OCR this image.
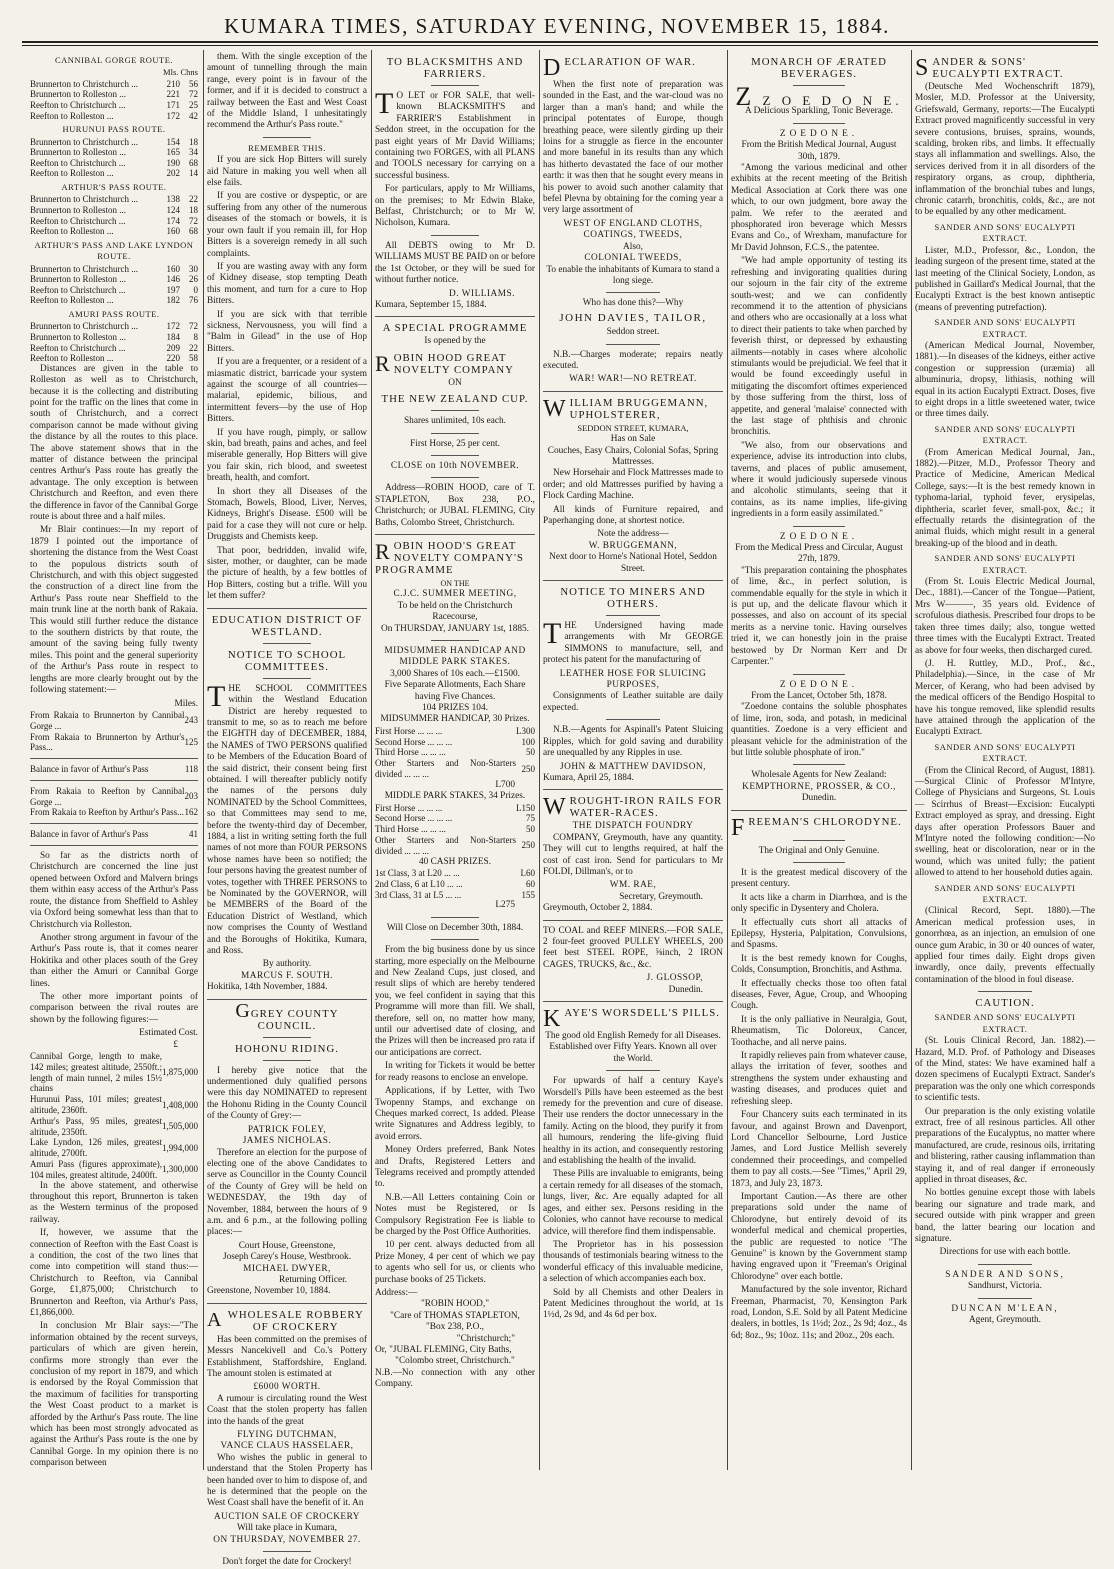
KUMARA TIMES, SATURDAY EVENING, NOVEMBER 15, 1884.
CANNIBAL GORGE ROUTE.
Mls. Chns
Brunnerton to Christchurch ...	210	56
Brunnerton to Rolleston ...	221	72
Reefton to Christchurch ...	171	25
Reefton to Rolleston ...	172	42
HURUNUI PASS ROUTE.
Brunnerton to Christchurch ...	154	18
Brunnerton to Rolleston ...	165	34
Reefton to Christchurch ...	190	68
Reefton to Rolleston ...	202	14
ARTHUR'S PASS ROUTE.
Brunnerton to Christchurch ...	138	22
Brunnerton to Rolleston ...	124	18
Reefton to Christchurch ...	174	72
Reefton to Rolleston ...	160	68
ARTHUR'S PASS AND LAKE LYNDON ROUTE.
Brunnerton to Christchurch ...	160	30
Brunnerton to Rolleston ...	146	26
Reefton to Christchurch ...	197	0
Reefton to Rolleston ...	182	76
AMURI PASS ROUTE.
Brunnerton to Christchurch ...	172	72
Brunnerton to Rolleston ...	184	8
Reefton to Christchurch ...	209	22
Reefton to Rolleston ...	220	58

Distances are given in the table to Rolleston as well as to Christchurch, because it is the collecting and distributing point for the traffic on the lines that come in south of Christchurch, and a correct comparison cannot be made without giving the distance by all the routes to this place. The above statement shows that in the matter of distance between the principal centres Arthur's Pass route has greatly the advantage. The only exception is between Christchurch and Reefton, and even there the difference in favor of the Cannibal Gorge route is about three and a half miles.

Mr Blair continues:—In my report of 1879 I pointed out the importance of shortening the distance from the West Coast to the populous districts south of Christchurch, and with this object suggested the construction of a direct line from the Arthur's Pass route near Sheffield to the main trunk line at the north bank of Rakaia. This would still further reduce the distance to the southern districts by that route, the amount of the saving being fully twenty miles. This point and the general superiority of the Arthur's Pass route in respect to lengths are more clearly brought out by the following statement:—

Miles.
From Rakaia to Brunnerton by Cannibal Gorge ...	243
From Rakaia to Brunnerton by Arthur's Pass...	125
Balance in favor of Arthur's Pass	118
From Rakaia to Reefton by Cannibal Gorge ...	203
From Rakaia to Reefton by Arthur's Pass...	162
Balance in favor of Arthur's Pass	41

So far as the districts north of Christchurch are concerned the line just opened between Oxford and Malvern brings them within easy access of the Arthur's Pass route, the distance from Sheffield to Ashley via Oxford being somewhat less than that to Christchurch via Rolleston.

Another strong argument in favour of the Arthur's Pass route is, that it comes nearer Hokitika and other places south of the Grey than either the Amuri or Cannibal Gorge lines.

The other more important points of comparison between the rival routes are shown by the following figures:—

Estimated Cost.
£
Cannibal Gorge, length to make, 142 miles; greatest altitude, 2550ft.; length of main tunnel, 2 miles 15½ chains	1,875,000
Hurunui Pass, 101 miles; greatest altitude, 2360ft.	1,408,000
Arthur's Pass, 95 miles, greatest altitude, 2350ft.	1,505,000
Lake Lyndon, 126 miles, greatest altitude, 2700ft.	1,994,000
Amuri Pass (figures approximate), 104 miles, greatest altitude, 2400ft.	1,300,000

In the above statement, and otherwise throughout this report, Brunnerton is taken as the Western terminus of the proposed railway.

If, however, we assume that the connection of Reefton with the East Coast is a condition, the cost of the two lines that come into competition will stand thus:—Christchurch to Reefton, via Cannibal Gorge, £1,875,000; Christchurch to Brunnerton and Reefton, via Arthur's Pass, £1,866,000.

In conclusion Mr Blair says:—"The information obtained by the recent surveys, particulars of which are given herein, confirms more strongly than ever the conclusion of my report in 1879, and which is endorsed by the Royal Commission that the maximum of facilities for transporting the West Coast product to a market is afforded by the Arthur's Pass route. The line which has been most strongly advocated as against the Arthur's Pass route is the one by Cannibal Gorge. In my opinion there is no comparison between

them. With the single exception of the amount of tunnelling through the main range, every point is in favour of the former, and if it is decided to construct a railway between the East and West Coast of the Middle Island, I unhesitatingly recommend the Arthur's Pass route."

REMEMBER THIS.

If you are sick Hop Bitters will surely aid Nature in making you well when all else fails.

If you are costive or dyspeptic, or are suffering from any other of the numerous diseases of the stomach or bowels, it is your own fault if you remain ill, for Hop Bitters is a sovereign remedy in all such complaints.

If you are wasting away with any form of Kidney disease, stop tempting Death this moment, and turn for a cure to Hop Bitters.

If you are sick with that terrible sickness, Nervousness, you will find a "Balm in Gilead" in the use of Hop Bitters.

If you are a frequenter, or a resident of a miasmatic district, barricade your system against the scourge of all countries—malarial, epidemic, bilious, and intermittent fevers—by the use of Hop Bitters.

If you have rough, pimply, or sallow skin, bad breath, pains and aches, and feel miserable generally, Hop Bitters will give you fair skin, rich blood, and sweetest breath, health, and comfort.

In short they all Diseases of the Stomach, Bowels, Blood, Liver, Nerves, Kidneys, Bright's Disease. £500 will be paid for a case they will not cure or help. Druggists and Chemists keep.

That poor, bedridden, invalid wife, sister, mother, or daughter, can be made the picture of health, by a few bottles of Hop Bitters, costing but a trifle. Will you let them suffer?

EDUCATION DISTRICT OF WESTLAND.
NOTICE TO SCHOOL COMMITTEES.

THE SCHOOL COMMITTEES within the Westland Education District are hereby requested to transmit to me, so as to reach me before the EIGHTH day of DECEMBER, 1884, the NAMES of TWO PERSONS qualified to be Members of the Education Board of the said district, their consent being first obtained. I will thereafter publicly notify the names of the persons duly NOMINATED by the School Committees, so that Committees may send to me, before the twenty-third day of December, 1884, a list in writing setting forth the full names of not more than FOUR PERSONS whose names have been so notified; the four persons having the greatest number of votes, together with THREE PERSONS to be Nominated by the GOVERNOR, will be MEMBERS of the Board of the Education District of Westland, which now comprises the County of Westland and the Boroughs of Hokitika, Kumara, and Ross.

By authority.
MARCUS F. SOUTH.
Hokitika, 14th November, 1884.
GGREY COUNTY COUNCIL.
HOHONU RIDING.

I hereby give notice that the undermentioned duly qualified persons were this day NOMINATED to represent the Hohonu Riding in the County Council of the County of Grey:—

PATRICK FOLEY,
JAMES NICHOLAS.

Therefore an election for the purpose of electing one of the above Candidates to serve as Councillor in the County Council of the County of Grey will be held on WEDNESDAY, the 19th day of November, 1884, between the hours of 9 a.m. and 6 p.m., at the following polling places:—

Court House, Greenstone,
Joseph Carey's House, Westbrook.
MICHAEL DWYER,
Returning Officer.
Greenstone, November 10, 1884.
AWHOLESALE ROBBERY OF CROCKERY

Has been committed on the premises of Messrs Nancekivell and Co.'s Pottery Establishment, Staffordshire, England. The amount stolen is estimated at

£6000 WORTH.

A rumour is circulating round the West Coast that the stolen property has fallen into the hands of the great

FLYING DUTCHMAN,
VANCE CLAUS HASSELAER,

Who wishes the public in general to understand that the Stolen Property has been handed over to him to dispose of, and he is determined that the people on the West Coast shall have the benefit of it. An

AUCTION SALE OF CROCKERY
Will take place in Kumara,
ON THURSDAY, NOVEMBER 27.
Don't forget the date for Crockery!
TO BLACKSMITHS AND FARRIERS.

T O LET or FOR SALE, that well-known BLACKSMITH'S and FARRIER'S Establishment in Seddon street, in the occupation for the past eight years of Mr David Williams; containing two FORGES, with all PLANS and TOOLS necessary for carrying on a successful business.

For particulars, apply to Mr Williams, on the premises; to Mr Edwin Blake, Belfast, Christchurch; or to Mr W. Nicholson, Kumara.

All DEBTS owing to Mr D. WILLIAMS MUST BE PAID on or before the 1st October, or they will be sued for without further notice.

D. WILLIAMS.
Kumara, September 15, 1884.
A SPECIAL PROGRAMME
Is opened by the
ROBIN HOOD GREAT NOVELTY COMPANY
ON
THE NEW ZEALAND CUP.
Shares unlimited, 10s each.
First Horse, 25 per cent.
CLOSE on 10th NOVEMBER.

Address—ROBIN HOOD, care of T. STAPLETON, Box 238, P.O., Christchurch; or JUBAL FLEMING, City Baths, Colombo Street, Christchurch.

ROBIN HOOD'S GREAT NOVELTY COMPANY'S PROGRAMME
ON THE
C.J.C. SUMMER MEETING,
To be held on the Christchurch Racecourse,
On THURSDAY, JANUARY 1st, 1885.
MIDSUMMER HANDICAP AND MIDDLE PARK STAKES.
3,000 Shares of 10s each.—£1500.
Five Separate Allotments, Each Share having Five Chances.
104 PRIZES 104.
MIDSUMMER HANDICAP, 30 Prizes.
First Horse ... ... ...	L300
Second Horse ... ... ...	100
Third Horse ... ... ...	50
Other Starters and Non-Starters divided ... ... ...	250
L700
MIDDLE PARK STAKES, 34 Prizes.
First Horse ... ... ...	L150
Second Horse ... ... ...	75
Third Horse ... ... ...	50
Other Starters and Non-Starters divided ... ... ...	250
40 CASH PRIZES.
1st Class, 3 at L20 ... ...	L60
2nd Class, 6 at L10 ... ...	60
3rd Class, 31 at L5 ... ...	155
L275
Will Close on December 30th, 1884.

From the big business done by us since starting, more especially on the Melbourne and New Zealand Cups, just closed, and result slips of which are hereby tendered you, we feel confident in saying that this Programme will more than fill. We shall, therefore, sell on, no matter how many, until our advertised date of closing, and the Prizes will then be increased pro rata if our anticipations are correct.

In writing for Tickets it would be better for ready reasons to enclose an envelope.

Applications, if by Letter, with Two Twopenny Stamps, and exchange on Cheques marked correct, 1s added. Please write Signatures and Address legibly, to avoid errors.

Money Orders preferred, Bank Notes and Drafts, Registered Letters and Telegrams received and promptly attended to.

N.B.—All Letters containing Coin or Notes must be Registered, or Is Compulsory Registration Fee is liable to be charged by the Post Office Authorities.

10 per cent. always deducted from all Prize Money, 4 per cent of which we pay to agents who sell for us, or clients who purchase books of 25 Tickets.

Address:—
"ROBIN HOOD,"
"Care of THOMAS STAPLETON,
"Box 238, P.O.,
"Christchurch;"
Or, "JUBAL FLEMING, City Baths,
"Colombo street, Christchurch."
N.B.—No connection with any other Company.
DECLARATION OF WAR.

When the first note of preparation was sounded in the East, and the war-cloud was no larger than a man's hand; and while the principal potentates of Europe, though breathing peace, were silently girding up their loins for a struggle as fierce in the encounter and more baneful in its results than any which has hitherto devastated the face of our mother earth: it was then that he sought every means in his power to avoid such another calamity that befel Plevna by obtaining for the coming year a very large assortment of

WEST OF ENGLAND CLOTHS, COATINGS, TWEEDS,
Also,
COLONIAL TWEEDS,
To enable the inhabitants of Kumara to stand a long siege.
Who has done this?—Why
JOHN DAVIES, TAILOR,
Seddon street.

N.B.—Charges moderate; repairs neatly executed.

WAR! WAR!—NO RETREAT.
WILLIAM BRUGGEMANN, UPHOLSTERER,
SEDDON STREET, KUMARA,
Has on Sale
Couches, Easy Chairs, Colonial Sofas, Spring Mattresses.

New Horsehair and Flock Mattresses made to order; and old Mattresses purified by having a Flock Carding Machine.

All kinds of Furniture repaired, and Paperhanging done, at shortest notice.

Note the address—
W. BRUGGEMANN,
Next door to Horne's National Hotel, Seddon Street.
NOTICE TO MINERS AND OTHERS.

THE Undersigned having made arrangements with Mr GEORGE SIMMONS to manufacture, sell, and protect his patent for the manufacturing of

LEATHER HOSE FOR SLUICING PURPOSES,

Consignments of Leather suitable are daily expected.

N.B.—Agents for Aspinall's Patent Sluicing Ripples, which for gold saving and durability are unequalled by any Ripples in use.

JOHN & MATTHEW DAVIDSON,
Kumara, April 25, 1884.
WROUGHT-IRON RAILS FOR WATER-RACES.
THE DISPATCH FOUNDRY

COMPANY, Greymouth, have any quantity. They will cut to lengths required, at half the cost of cast iron. Send for particulars to Mr FOLDI, Dillman's, or to

WM. RAE,
Secretary, Greymouth.
Greymouth, October 2, 1884.

TO COAL and REEF MINERS.—FOR SALE, 2 four-feet grooved PULLEY WHEELS, 200 feet best STEEL ROPE, ⅝inch, 2 IRON CAGES, TRUCKS, &c., &c.

J. GLOSSOP,
Dunedin.
KAYE'S WORSDELL'S PILLS.
The good old English Remedy for all Diseases.
Established over Fifty Years. Known all over the World.

For upwards of half a century Kaye's Worsdell's Pills have been esteemed as the best remedy for the prevention and cure of disease. Their use renders the doctor unnecessary in the family. Acting on the blood, they purify it from all humours, rendering the life-giving fluid healthy in its action, and consequently restoring and establishing the health of the invalid.

These Pills are invaluable to emigrants, being a certain remedy for all diseases of the stomach, lungs, liver, &c. Are equally adapted for all ages, and either sex. Persons residing in the Colonies, who cannot have recourse to medical advice, will therefore find them indispensable.

The Proprietor has in his possession thousands of testimonials bearing witness to the wonderful efficacy of this invaluable medicine, a selection of which accompanies each box.

Sold by all Chemists and other Dealers in Patent Medicines throughout the world, at 1s 1½d, 2s 9d, and 4s 6d per box.

MONARCH OF ÆRATED BEVERAGES.
Z Z O E D O N E.
A Delicious Sparkling, Tonic Beverage.
ZOEDONE.
From the British Medical Journal, August 30th, 1879.

"Among the various medicinal and other exhibits at the recent meeting of the British Medical Association at Cork there was one which, to our own judgment, bore away the palm. We refer to the æerated and phosphorated iron beverage which Messrs Evans and Co., of Wrexham, manufacture for Mr David Johnson, F.C.S., the patentee.

"We had ample opportunity of testing its refreshing and invigorating qualities during our sojourn in the fair city of the extreme south-west; and we can confidently recommend it to the attention of physicians and others who are occasionally at a loss what to direct their patients to take when parched by feverish thirst, or depressed by exhausting ailments—notably in cases where alcoholic stimulants would be prejudicial. We feel that it would be found exceedingly useful in mitigating the discomfort oftimes experienced by those suffering from the thirst, loss of appetite, and general 'malaise' connected with the last stage of phthisis and chronic bronchitis.

"We also, from our observations and experience, advise its introduction into clubs, taverns, and places of public amusement, where it would judiciously supersede vinous and alcoholic stimulants, seeing that it contains, as its name implies, life-giving ingredients in a form easily assimilated."

ZOEDONE.
From the Medical Press and Circular, August 27th, 1879.

"This preparation containing the phosphates of lime, &c., in perfect solution, is commendable equally for the style in which it is put up, and the delicate flavour which it possesses, and also on account of its special merits as a nervine tonic. Having ourselves tried it, we can honestly join in the praise bestowed by Dr Norman Kerr and Dr Carpenter."

ZOEDONE.
From the Lancet, October 5th, 1878.

"Zoedone contains the soluble phosphates of lime, iron, soda, and potash, in medicinal quantities. Zoedone is a very efficient and pleasant vehicle for the administration of the but little soluble phosphate of iron."

Wholesale Agents for New Zealand:
KEMPTHORNE, PROSSER, & CO.,
Dunedin.
FREEMAN'S CHLORODYNE.
The Original and Only Genuine.

It is the greatest medical discovery of the present century.

It acts like a charm in Diarrhœa, and is the only specific in Dysentery and Cholera.

It effectually cuts short all attacks of Epilepsy, Hysteria, Palpitation, Convulsions, and Spasms.

It is the best remedy known for Coughs, Colds, Consumption, Bronchitis, and Asthma.

It effectually checks those too often fatal diseases, Fever, Ague, Croup, and Whooping Cough.

It is the only palliative in Neuralgia, Gout, Rheumatism, Tic Doloreux, Cancer, Toothache, and all nerve pains.

It rapidly relieves pain from whatever cause, allays the irritation of fever, soothes and strengthens the system under exhausting and wasting diseases, and produces quiet and refreshing sleep.

Four Chancery suits each terminated in its favour, and against Brown and Davenport, Lord Chancellor Selbourne, Lord Justice James, and Lord Justice Mellish severely condemned their proceedings, and compelled them to pay all costs.—See "Times," April 29, 1873, and July 23, 1873.

Important Caution.—As there are other preparations sold under the name of Chlorodyne, but entirely devoid of its wonderful medical and chemical properties, the public are requested to notice "The Genuine" is known by the Government stamp having engraved upon it "Freeman's Original Chlorodyne" over each bottle.

Manufactured by the sole inventor, Richard Freeman, Pharmacist, 70, Kensington Park road, London, S.E. Sold by all Patent Medicine dealers, in bottles, 1s 1½d; 2oz., 2s 9d; 4oz., 4s 6d; 8oz., 9s; 10oz. 11s; and 20oz., 20s each.

SANDER & SONS' EUCALYPTI EXTRACT.

(Deutsche Med Wochenschrift 1879), Mosler, M.D. Professor at the University, Griefswald, Germany, reports:—The Eucalypti Extract proved magnificently successful in very severe contusions, bruises, sprains, wounds, scalding, broken ribs, and limbs. It effectually stays all inflammation and swellings. Also, the services derived from it in all disorders of the respiratory organs, as croup, diphtheria, inflammation of the bronchial tubes and lungs, chronic catarrh, bronchitis, colds, &c., are not to be equalled by any other medicament.

SANDER AND SONS' EUCALYPTI EXTRACT.

Lister, M.D., Professor, &c., London, the leading surgeon of the present time, stated at the last meeting of the Clinical Society, London, as published in Gaillard's Medical Journal, that the Eucalypti Extract is the best known antiseptic (means of preventing putrefaction).

SANDER AND SONS' EUCALYPTI EXTRACT.

(American Medical Journal, November, 1881).—In diseases of the kidneys, either active congestion or suppression (uræmia) all albuminuria, dropsy, lithiasis, nothing will equal in its action Eucalypti Extract. Doses, five to eight drops in a little sweetened water, twice or three times daily.

SANDER AND SONS' EUCALYPTI EXTRACT.

(From American Medical Journal, Jan., 1882).—Pitzer, M.D., Professor Theory and Practice of Medicine, American Medical College, says:—It is the best remedy known in typhoma-larial, typhoid fever, erysipelas, diphtheria, scarlet fever, small-pox, &c.; it effectually retards the disintegration of the animal fluids, which might result in a general breaking-up of the blood and in death.

SANDER AND SONS' EUCALYPTI EXTRACT.

(From St. Louis Electric Medical Journal, Dec., 1881).—Cancer of the Tongue—Patient, Mrs W———, 35 years old. Evidence of scrofulous diathesis. Prescribed four drops to be taken three times daily; also, tongue wetted three times with the Eucalypti Extract. Treated as above for four weeks, then discharged cured.

(J. H. Ruttley, M.D., Prof., &c., Philadelphia).—Since, in the case of Mr Mercer, of Kerang, who had been advised by the medical officers of the Bendigo Hospital to have his tongue removed, like splendid results have attained through the application of the Eucalypti Extract.

SANDER AND SONS' EUCALYPTI EXTRACT.

(From the Clinical Record, of August, 1881).—Surgical Clinic of Professor M'Intyre, College of Physicians and Surgeons, St. Louis — Scirrhus of Breast—Excision: Eucalypti Extract employed as spray, and dressing. Eight days after operation Professors Bauer and M'Intyre noted the following condition:—No swelling, heat or discoloration, near or in the wound, which was united fully; the patient allowed to attend to her household duties again.

SANDER AND SONS' EUCALYPTI EXTRACT.

(Clinical Record, Sept. 1880).—The American medical profession uses, in gonorrhœa, as an injection, an emulsion of one ounce gum Arabic, in 30 or 40 ounces of water, applied four times daily. Eight drops given inwardly, once daily, prevents effectually contamination of the blood in foul disease.

CAUTION.
SANDER AND SONS' EUCALYPTI EXTRACT.

(St. Louis Clinical Record, Jan. 1882).—Hazard, M.D. Prof. of Pathology and Diseases of the Mind, states: We have examined half a dozen specimens of Eucalypti Extract. Sander's preparation was the only one which corresponds to scientific tests.

Our preparation is the only existing volatile extract, free of all resinous particles. All other preparations of the Eucalyptus, no matter where manufactured, are crude, resinous oils, irritating and blistering, rather causing inflammation than staying it, and of real danger if erroneously applied in throat diseases, &c.

No bottles genuine except those with labels bearing our signature and trade mark, and secured outside with pink wrapper and green band, the latter bearing our location and signature.

Directions for use with each bottle.
SANDER AND SONS,
Sandhurst, Victoria.
DUNCAN M'LEAN,
Agent, Greymouth.
